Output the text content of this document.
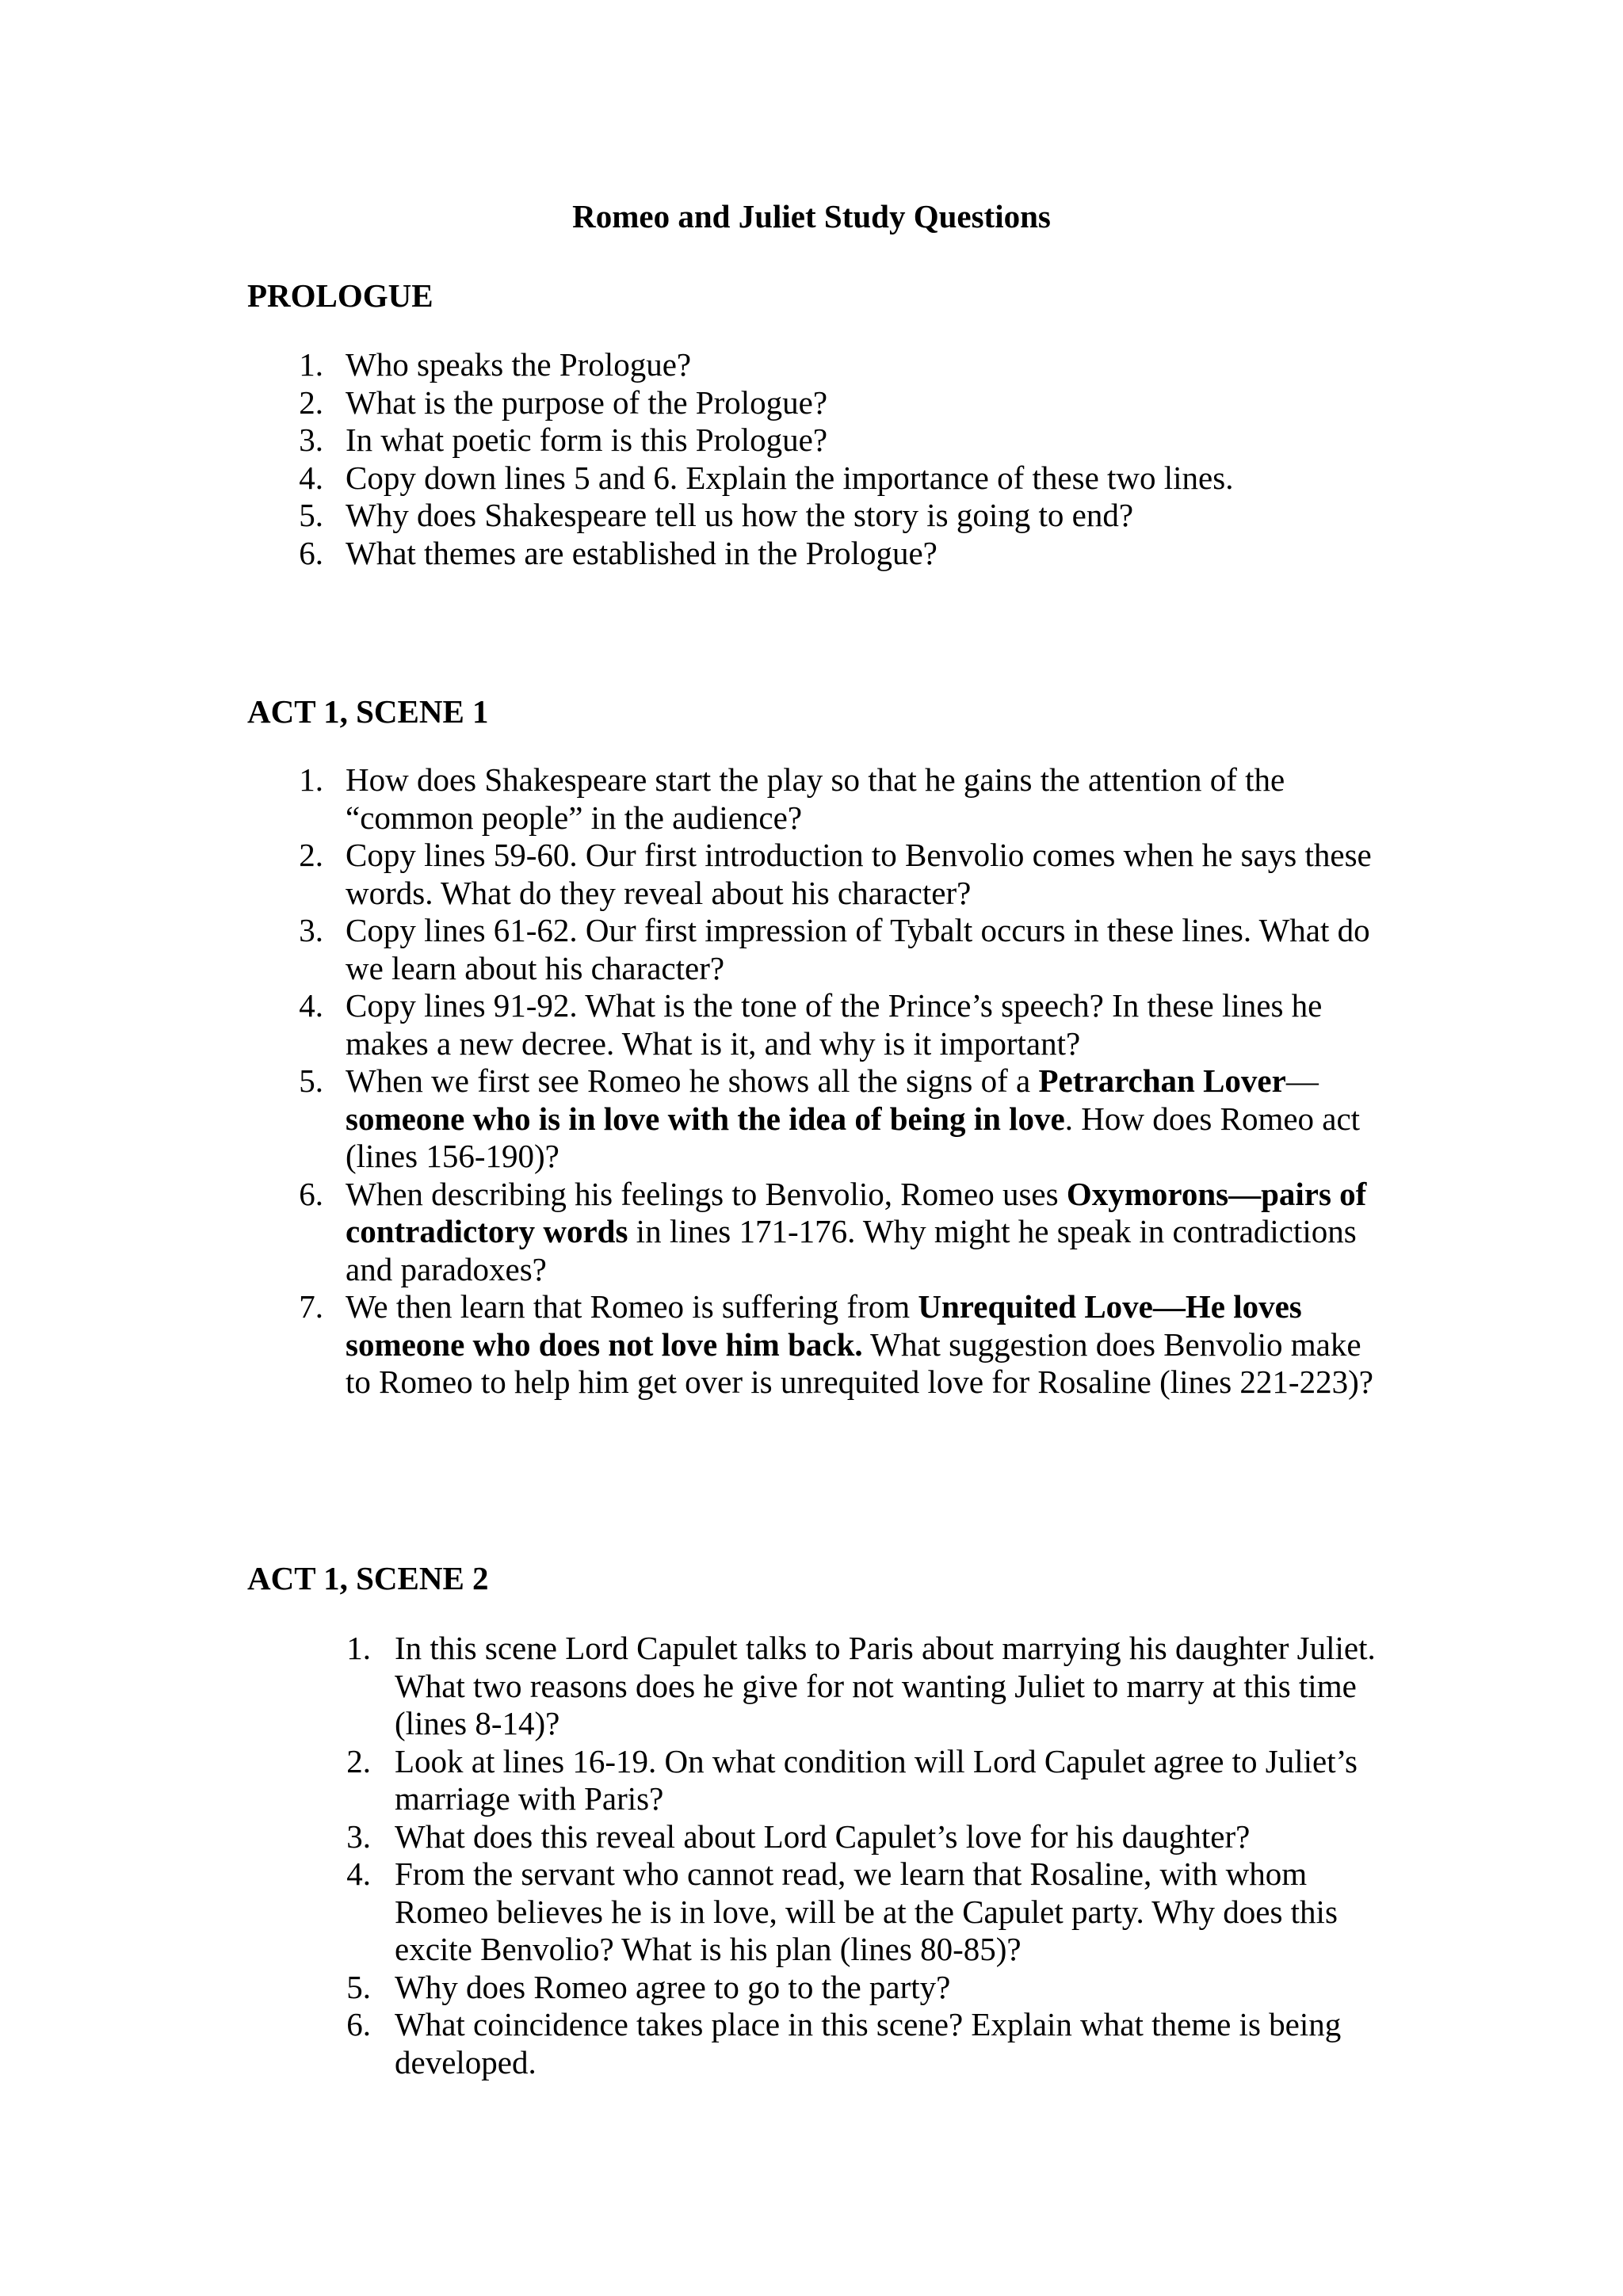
Romeo and Juliet Study Questions
PROLOGUE
1. Who speaks the Prologue?
2. What is the purpose of the Prologue?
3. In what poetic form is this Prologue?
4. Copy down lines 5 and 6. Explain the importance of these two lines.
5. Why does Shakespeare tell us how the story is going to end?
6. What themes are established in the Prologue?
ACT 1, SCENE 1
1. How does Shakespeare start the play so that he gains the attention of the “common people” in the audience?
2. Copy lines 59-60. Our first introduction to Benvolio comes when he says these words. What do they reveal about his character?
3. Copy lines 61-62. Our first impression of Tybalt occurs in these lines. What do we learn about his character?
4. Copy lines 91-92. What is the tone of the Prince’s speech? In these lines he makes a new decree. What is it, and why is it important?
5. When we first see Romeo he shows all the signs of a Petrarchan Lover—someone who is in love with the idea of being in love. How does Romeo act (lines 156-190)?
6. When describing his feelings to Benvolio, Romeo uses Oxymorons—pairs of contradictory words in lines 171-176. Why might he speak in contradictions and paradoxes?
7. We then learn that Romeo is suffering from Unrequited Love—He loves someone who does not love him back. What suggestion does Benvolio make to Romeo to help him get over is unrequited love for Rosaline (lines 221-223)?
ACT 1, SCENE 2
1. In this scene Lord Capulet talks to Paris about marrying his daughter Juliet. What two reasons does he give for not wanting Juliet to marry at this time (lines 8-14)?
2. Look at lines 16-19. On what condition will Lord Capulet agree to Juliet’s marriage with Paris?
3. What does this reveal about Lord Capulet’s love for his daughter?
4. From the servant who cannot read, we learn that Rosaline, with whom Romeo believes he is in love, will be at the Capulet party. Why does this excite Benvolio? What is his plan (lines 80-85)?
5. Why does Romeo agree to go to the party?
6. What coincidence takes place in this scene? Explain what theme is being developed.
